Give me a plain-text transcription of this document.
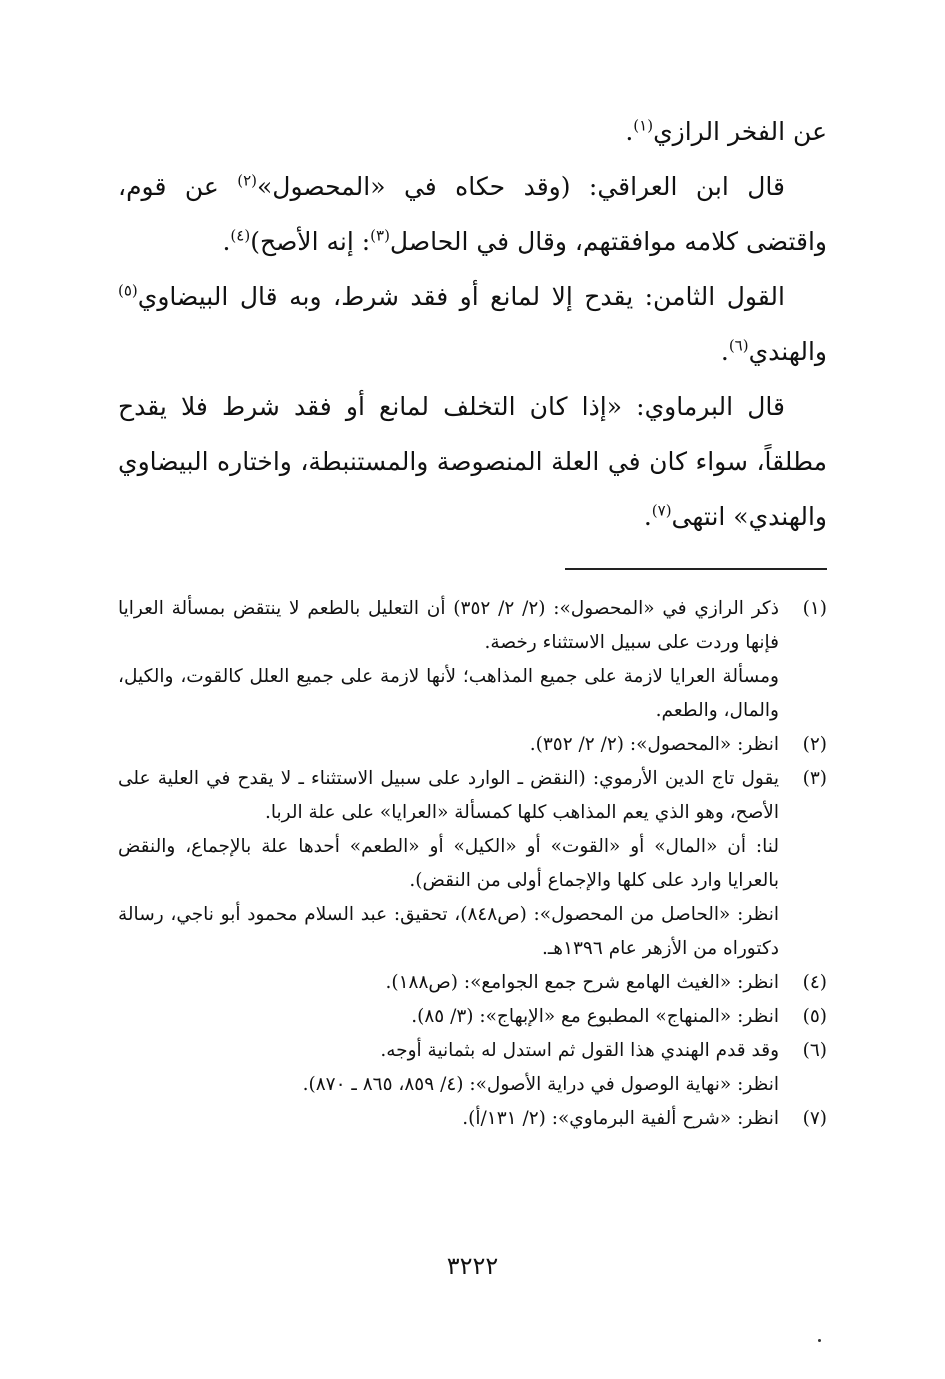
عن الفخر الرازي$^{(١)}$.

قال ابن العراقي: (وقد حكاه في «المحصول»$^{(٢)}$ عن قوم، واقتضى كلامه موافقتهم، وقال في الحاصل$^{(٣)}$: إنه الأصح)$^{(٤)}$.

القول الثامن: يقدح إلا لمانع أو فقد شرط، وبه قال البيضاوي$^{(٥)}$ والهندي$^{(٦)}$.

قال البرماوي: «إذا كان التخلف لمانع أو فقد شرط فلا يقدح مطلقاً، سواء كان في العلة المنصوصة والمستنبطة، واختاره البيضاوي والهندي» انتهى$^{(٧)}$.

(١)
ذكر الرازي في «المحصول»: (٢/ ٢/ ٣٥٢) أن التعليل بالطعم لا ينتقض بمسألة العرايا فإنها وردت على سبيل الاستثناء رخصة.
ومسألة العرايا لازمة على جميع المذاهب؛ لأنها لازمة على جميع العلل كالقوت، والكيل، والمال، والطعم.
(٢)
انظر: «المحصول»: (٢/ ٢/ ٣٥٢).
(٣)
يقول تاج الدين الأرموي: (النقض ـ الوارد على سبيل الاستثناء ـ لا يقدح في العلية على الأصح، وهو الذي يعم المذاهب كلها كمسألة «العرايا» على علة الربا.
لنا: أن «المال» أو «القوت» أو «الكيل» أو «الطعم» أحدها علة بالإجماع، والنقض بالعرايا وارد على كلها والإجماع أولى من النقض).
انظر: «الحاصل من المحصول»: (ص٨٤٨)، تحقيق: عبد السلام محمود أبو ناجي، رسالة دكتوراه من الأزهر عام ١٣٩٦هـ.
(٤)
انظر: «الغيث الهامع شرح جمع الجوامع»: (ص١٨٨).
(٥)
انظر: «المنهاج» المطبوع مع «الإبهاج»: (٣/ ٨٥).
(٦)
وقد قدم الهندي هذا القول ثم استدل له بثمانية أوجه.
انظر: «نهاية الوصول في دراية الأصول»: (٤/ ٨٥٩، ٨٦٥ ـ ٨٧٠).
(٧)
انظر: «شرح ألفية البرماوي»: (٢/ ١٣١/أ).
٣٢٢٢
